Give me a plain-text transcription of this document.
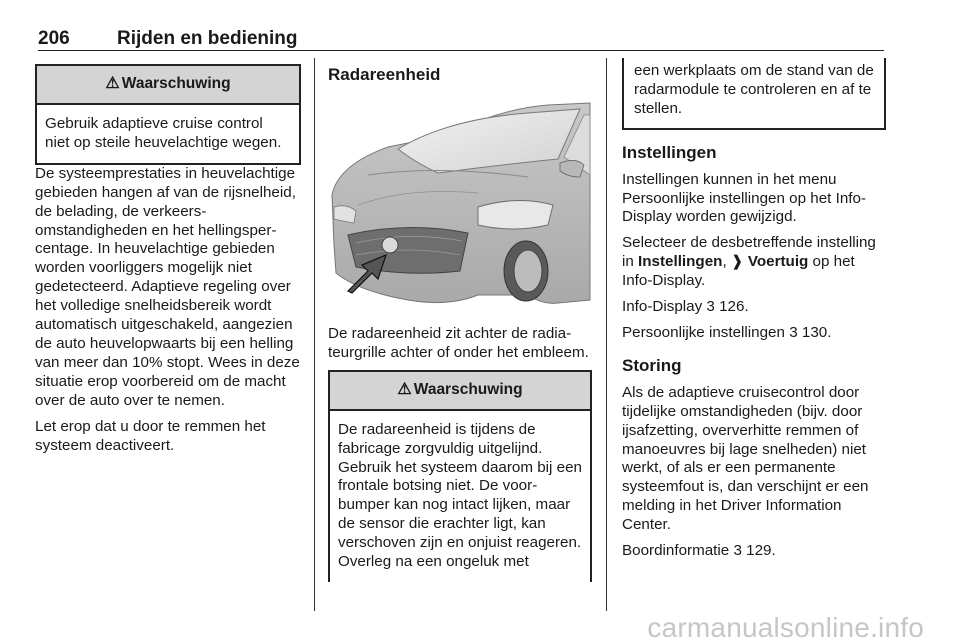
206 Rijden en bediening
⚠ Waarschuwing
Gebruik adaptieve cruise control niet op steile heuvelachtige wegen.

De systeemprestaties in heuvelachtige gebieden hangen af van de rijsnelheid, de belading, de verkeersomstandigheden en het hellingspercentage. In heuvelachtige gebieden worden voorliggers mogelijk niet gedetecteerd. Adaptieve regeling over het volledige snelheidsbereik wordt automatisch uitgeschakeld, aangezien de auto heuvelopwaarts bij een helling van meer dan 10% stopt. Wees in deze situatie erop voorbereid om de macht over de auto over te nemen.

Let erop dat u door te remmen het systeem deactiveert.

Radareenheid

De radareenheid zit achter de radiateurgrille achter of onder het embleem.

⚠ Waarschuwing
De radareenheid is tijdens de fabricage zorgvuldig uitgelijnd. Gebruik het systeem daarom bij een frontale botsing niet. De voorbumper kan nog intact lijken, maar de sensor die erachter ligt, kan verschoven zijn en onjuist reageren. Overleg na een ongeluk met
een werkplaats om de stand van de radarmodule te controleren en af te stellen.
Instellingen

Instellingen kunnen in het menu Persoonlijke instellingen op het Info-Display worden gewijzigd.

Selecteer de desbetreffende instelling in Instellingen, ❱ Voertuig op het Info-Display.

Info-Display 3 126.

Persoonlijke instellingen 3 130.

Storing

Als de adaptieve cruisecontrol door tijdelijke omstandigheden (bijv. door ijsafzetting, oververhitte remmen of manoeuvres bij lage snelheden) niet werkt, of als er een permanente systeemfout is, dan verschijnt er een melding in het Driver Information Center.

Boordinformatie 3 129.

carmanualsonline.info
